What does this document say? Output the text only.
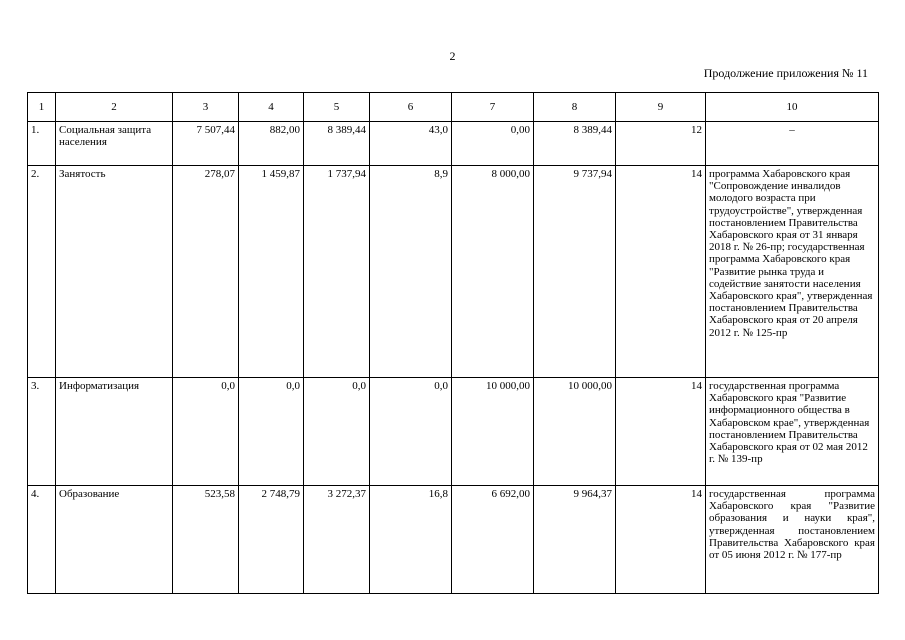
2
Продолжение приложения № 11
1	2	3	4	5	6	7	8	9	10
1.	Социальная защита населения	7 507,44	882,00	8 389,44	43,0	0,00	8 389,44	12	–
2.	Занятость	278,07	1 459,87	1 737,94	8,9	8 000,00	9 737,94	14	программа Хабаровского края "Сопровождение инвалидов молодого возраста при трудоустройстве", утвержденная постановлением Правительства Хабаровского края от 31 января 2018 г. № 26-пр; государственная программа Хабаровского края "Развитие рынка труда и содействие занятости населения Хабаровского края", утвержденная постановлением Правительства Хабаровского края от 20 апреля 2012 г. № 125-пр
3.	Информатизация	0,0	0,0	0,0	0,0	10 000,00	10 000,00	14	государственная программа Хабаровского края "Развитие информационного общества в Хабаровском крае", утвержденная постановлением Правительства Хабаровского края от 02 мая 2012 г. № 139-пр
4.	Образование	523,58	2 748,79	3 272,37	16,8	6 692,00	9 964,37	14	государственная программа Хабаровского края "Развитие образования и науки края", утвержденная постановлением Правительства Хабаровского края от 05 июня 2012 г. № 177-пр
